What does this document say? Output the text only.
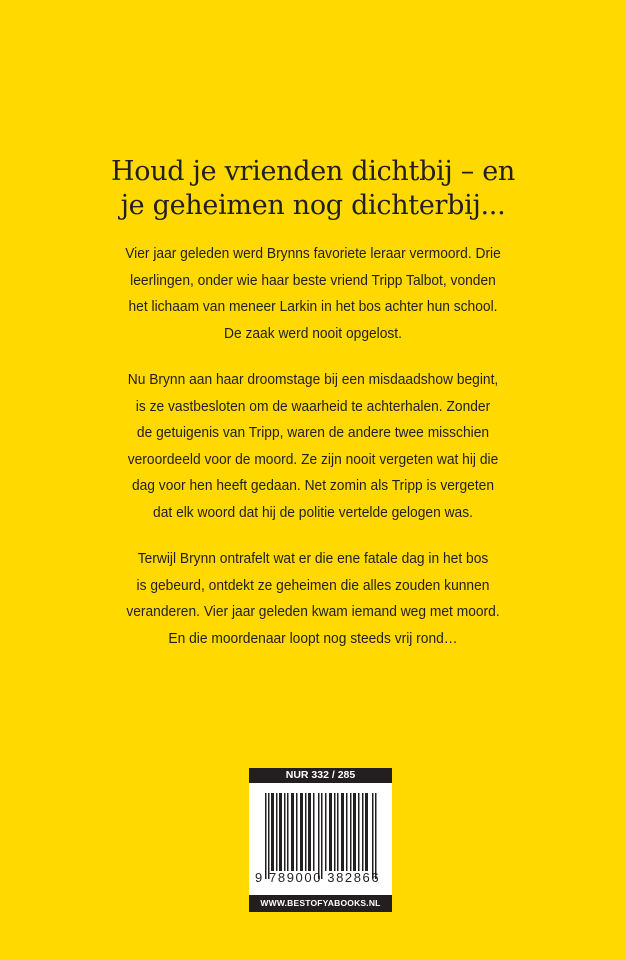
Houd je vrienden dichtbij – en
je geheimen nog dichterbij...
Vier jaar geleden werd Brynns favoriete leraar vermoord. Drie
leerlingen, onder wie haar beste vriend Tripp Talbot, vonden
het lichaam van meneer Larkin in het bos achter hun school.
De zaak werd nooit opgelost.
Nu Brynn aan haar droomstage bij een misdaadshow begint,
is ze vastbesloten om de waarheid te achterhalen. Zonder
de getuigenis van Tripp, waren de andere twee misschien
veroordeeld voor de moord. Ze zijn nooit vergeten wat hij die
dag voor hen heeft gedaan. Net zomin als Tripp is vergeten
dat elk woord dat hij de politie vertelde gelogen was.
Terwijl Brynn ontrafelt wat er die ene fatale dag in het bos
is gebeurd, ontdekt ze geheimen die alles zouden kunnen
veranderen. Vier jaar geleden kwam iemand weg met moord.
En die moordenaar loopt nog steeds vrij rond…
NUR 332 / 285
9 789000 382866
WWW.BESTOFYABOOKS.NL
